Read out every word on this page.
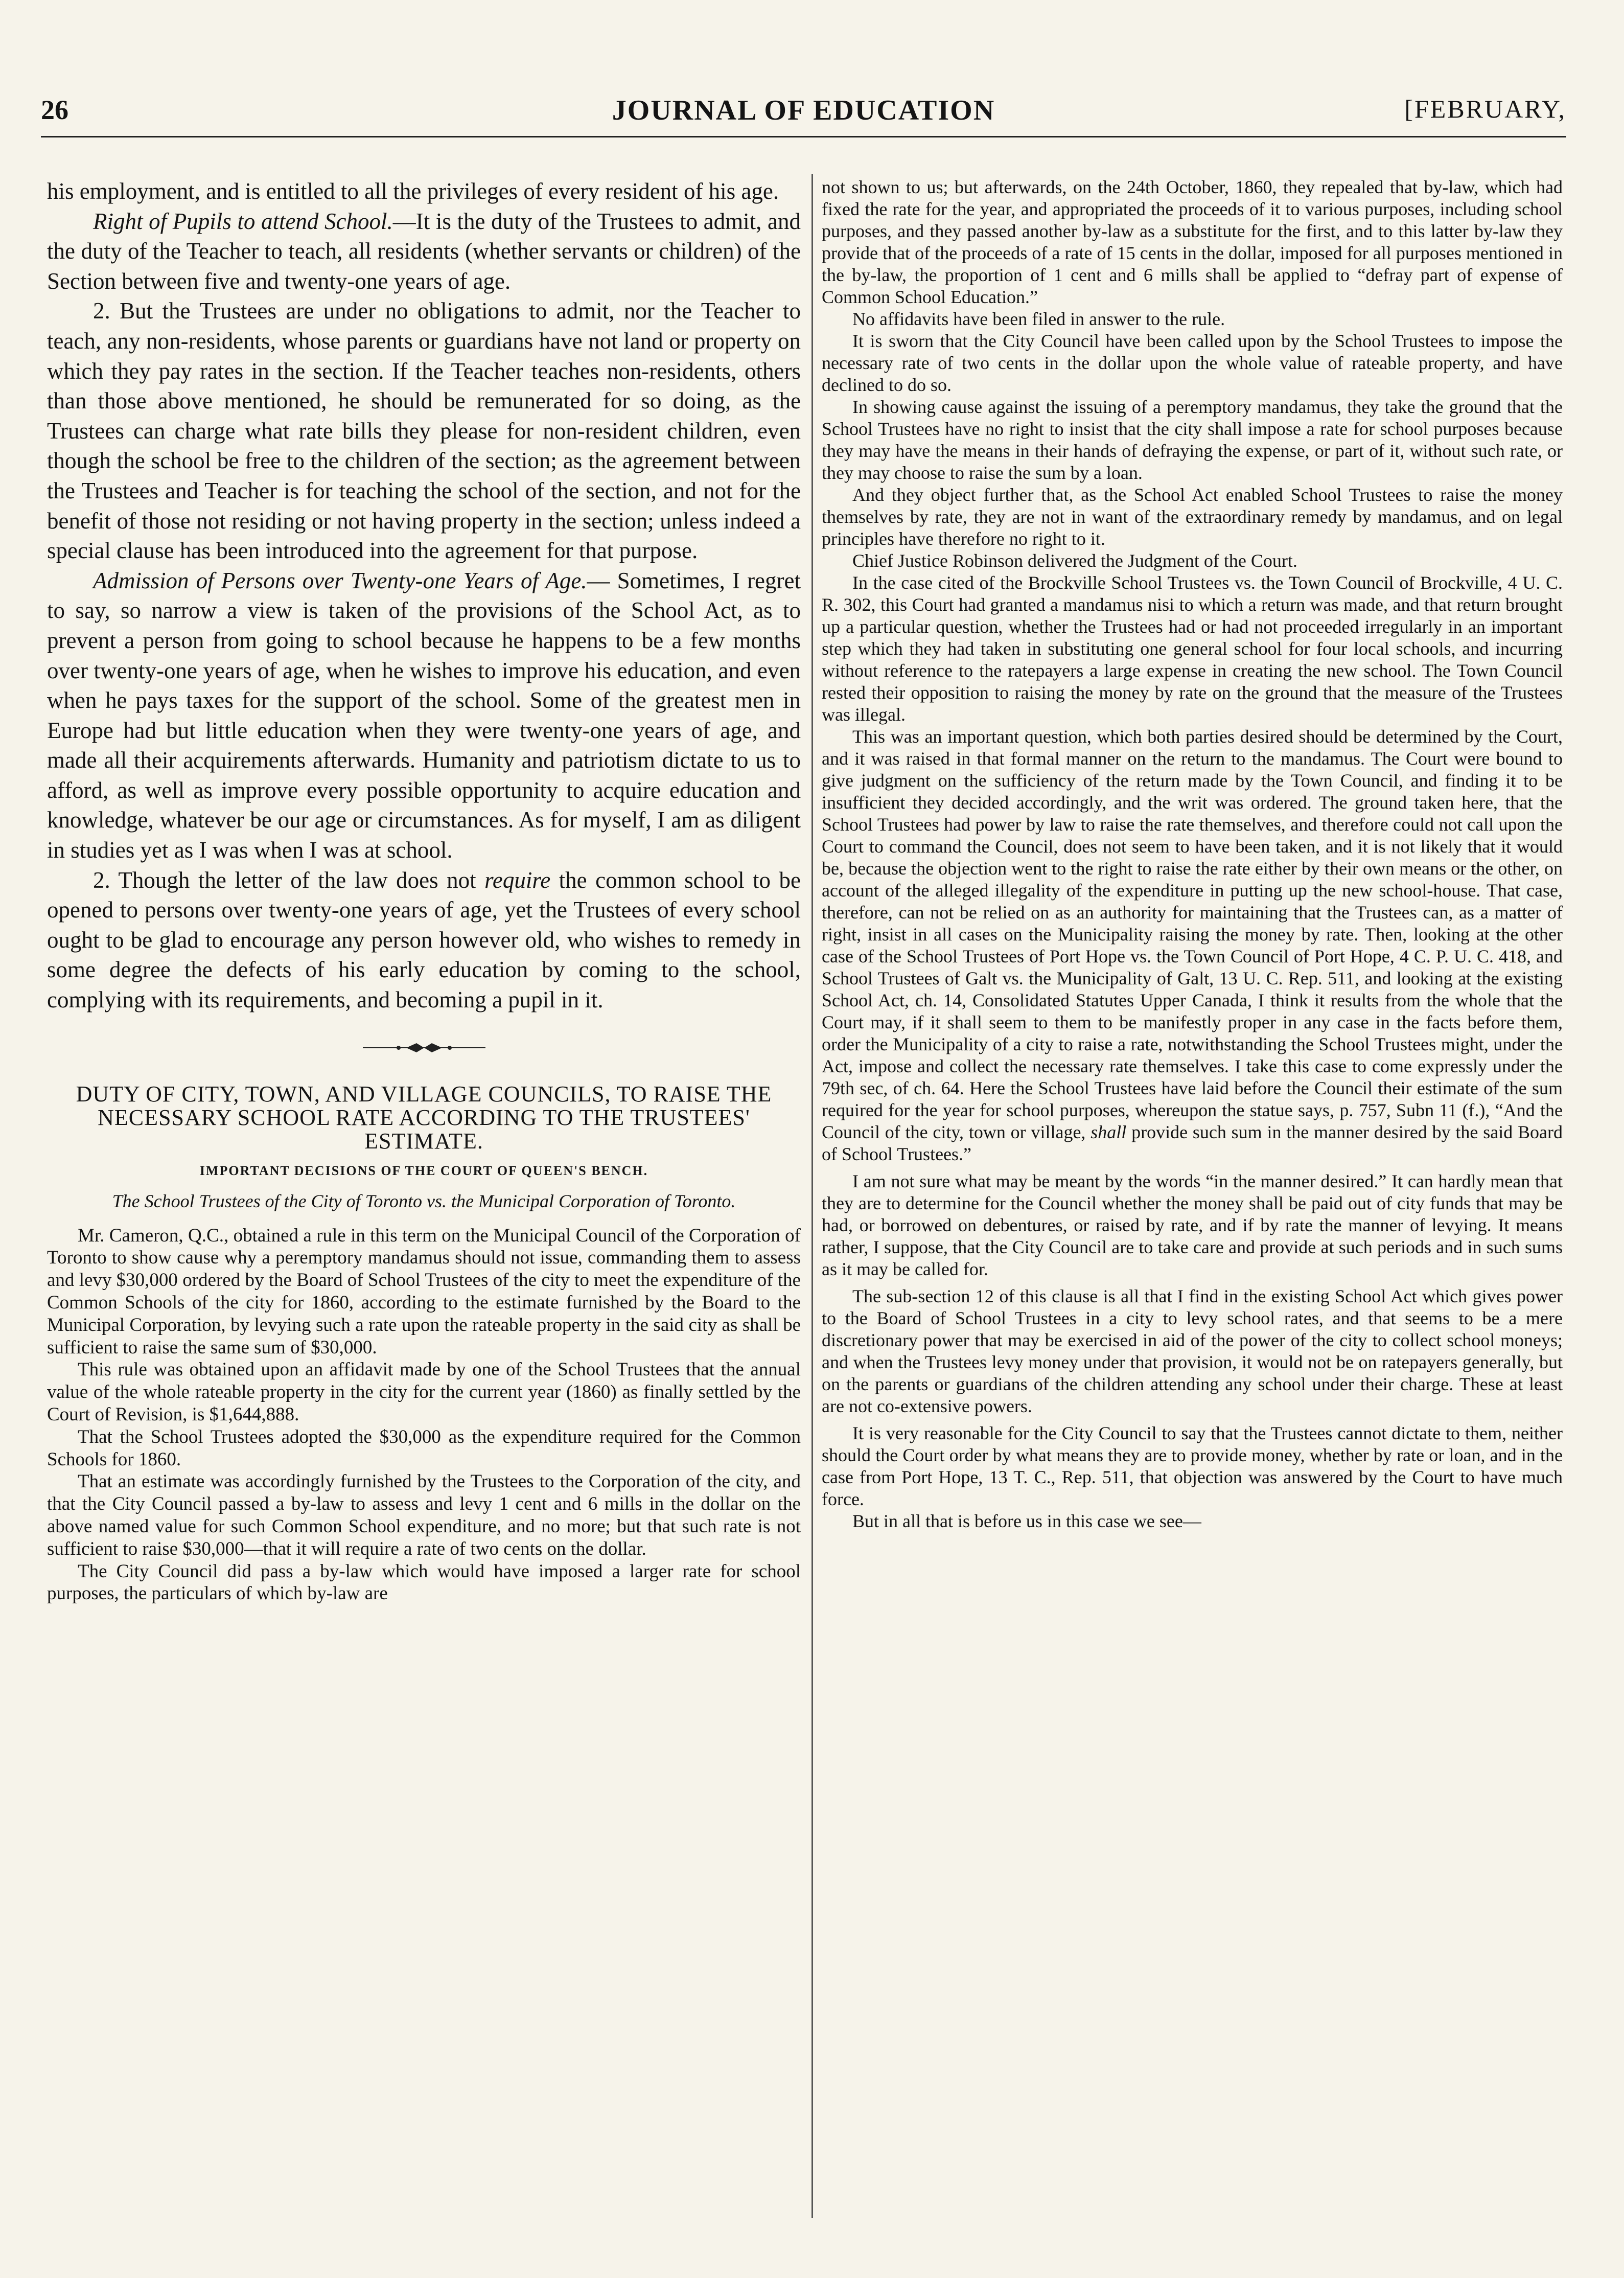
26	JOURNAL OF EDUCATION	[FEBRUARY,

his employment, and is entitled to all the privileges of every resident of his age.

Right of Pupils to attend School.—It is the duty of the Trustees to admit, and the duty of the Teacher to teach, all residents (whether servants or children) of the Section between five and twenty-one years of age.

2. But the Trustees are under no obligations to admit, nor the Teacher to teach, any non-residents, whose parents or guardians have not land or property on which they pay rates in the section. If the Teacher teaches non-residents, others than those above mentioned, he should be remunerated for so doing, as the Trustees can charge what rate bills they please for non-resident children, even though the school be free to the children of the section; as the agreement between the Trustees and Teacher is for teaching the school of the section, and not for the benefit of those not residing or not having property in the section; unless indeed a special clause has been introduced into the agreement for that purpose.

Admission of Persons over Twenty-one Years of Age.— Sometimes, I regret to say, so narrow a view is taken of the provisions of the School Act, as to prevent a person from going to school because he happens to be a few months over twenty-one years of age, when he wishes to improve his education, and even when he pays taxes for the support of the school. Some of the greatest men in Europe had but little education when they were twenty-one years of age, and made all their acquirements afterwards. Humanity and patriotism dictate to us to afford, as well as improve every possible opportunity to acquire education and knowledge, whatever be our age or circumstances. As for myself, I am as diligent in studies yet as I was when I was at school.

2. Though the letter of the law does not require the common school to be opened to persons over twenty-one years of age, yet the Trustees of every school ought to be glad to encourage any person however old, who wishes to remedy in some degree the defects of his early education by coming to the school, complying with its requirements, and becoming a pupil in it.

DUTY OF CITY, TOWN, AND VILLAGE COUNCILS, TO RAISE THE NECESSARY SCHOOL RATE ACCORDING TO THE TRUSTEES' ESTIMATE.
IMPORTANT DECISIONS OF THE COURT OF QUEEN'S BENCH.
The School Trustees of the City of Toronto vs. the Municipal Corporation of Toronto.

Mr. Cameron, Q.C., obtained a rule in this term on the Municipal Council of the Corporation of Toronto to show cause why a peremptory mandamus should not issue, commanding them to assess and levy $30,000 ordered by the Board of School Trustees of the city to meet the expenditure of the Common Schools of the city for 1860, according to the estimate furnished by the Board to the Municipal Corporation, by levying such a rate upon the rateable property in the said city as shall be sufficient to raise the same sum of $30,000.

This rule was obtained upon an affidavit made by one of the School Trustees that the annual value of the whole rateable property in the city for the current year (1860) as finally settled by the Court of Revision, is $1,644,888.

That the School Trustees adopted the $30,000 as the expenditure required for the Common Schools for 1860.

That an estimate was accordingly furnished by the Trustees to the Corporation of the city, and that the City Council passed a by-law to assess and levy 1 cent and 6 mills in the dollar on the above named value for such Common School expenditure, and no more; but that such rate is not sufficient to raise $30,000—that it will require a rate of two cents on the dollar.

The City Council did pass a by-law which would have imposed a larger rate for school purposes, the particulars of which by-law are

not shown to us; but afterwards, on the 24th October, 1860, they repealed that by-law, which had fixed the rate for the year, and appropriated the proceeds of it to various purposes, including school purposes, and they passed another by-law as a substitute for the first, and to this latter by-law they provide that of the proceeds of a rate of 15 cents in the dollar, imposed for all purposes mentioned in the by-law, the proportion of 1 cent and 6 mills shall be applied to “defray part of expense of Common School Education.”

No affidavits have been filed in answer to the rule.

It is sworn that the City Council have been called upon by the School Trustees to impose the necessary rate of two cents in the dollar upon the whole value of rateable property, and have declined to do so.

In showing cause against the issuing of a peremptory mandamus, they take the ground that the School Trustees have no right to insist that the city shall impose a rate for school purposes because they may have the means in their hands of defraying the expense, or part of it, without such rate, or they may choose to raise the sum by a loan.

And they object further that, as the School Act enabled School Trustees to raise the money themselves by rate, they are not in want of the extraordinary remedy by mandamus, and on legal principles have therefore no right to it.

Chief Justice Robinson delivered the Judgment of the Court.

In the case cited of the Brockville School Trustees vs. the Town Council of Brockville, 4 U. C. R. 302, this Court had granted a mandamus nisi to which a return was made, and that return brought up a particular question, whether the Trustees had or had not proceeded irregularly in an important step which they had taken in substituting one general school for four local schools, and incurring without reference to the ratepayers a large expense in creating the new school. The Town Council rested their opposition to raising the money by rate on the ground that the measure of the Trustees was illegal.

This was an important question, which both parties desired should be determined by the Court, and it was raised in that formal manner on the return to the mandamus. The Court were bound to give judgment on the sufficiency of the return made by the Town Council, and finding it to be insufficient they decided accordingly, and the writ was ordered. The ground taken here, that the School Trustees had power by law to raise the rate themselves, and therefore could not call upon the Court to command the Council, does not seem to have been taken, and it is not likely that it would be, because the objection went to the right to raise the rate either by their own means or the other, on account of the alleged illegality of the expenditure in putting up the new school-house. That case, therefore, can not be relied on as an authority for maintaining that the Trustees can, as a matter of right, insist in all cases on the Municipality raising the money by rate. Then, looking at the other case of the School Trustees of Port Hope vs. the Town Council of Port Hope, 4 C. P. U. C. 418, and School Trustees of Galt vs. the Municipality of Galt, 13 U. C. Rep. 511, and looking at the existing School Act, ch. 14, Consolidated Statutes Upper Canada, I think it results from the whole that the Court may, if it shall seem to them to be manifestly proper in any case in the facts before them, order the Municipality of a city to raise a rate, notwithstanding the School Trustees might, under the Act, impose and collect the necessary rate themselves. I take this case to come expressly under the 79th sec, of ch. 64. Here the School Trustees have laid before the Council their estimate of the sum required for the year for school purposes, whereupon the statue says, p. 757, Subn 11 (f.), “And the Council of the city, town or village, shall provide such sum in the manner desired by the said Board of School Trustees.”

I am not sure what may be meant by the words “in the manner desired.” It can hardly mean that they are to determine for the Council whether the money shall be paid out of city funds that may be had, or borrowed on debentures, or raised by rate, and if by rate the manner of levying. It means rather, I suppose, that the City Council are to take care and provide at such periods and in such sums as it may be called for.

The sub-section 12 of this clause is all that I find in the existing School Act which gives power to the Board of School Trustees in a city to levy school rates, and that seems to be a mere discretionary power that may be exercised in aid of the power of the city to collect school moneys; and when the Trustees levy money under that provision, it would not be on ratepayers generally, but on the parents or guardians of the children attending any school under their charge. These at least are not co-extensive powers.

It is very reasonable for the City Council to say that the Trustees cannot dictate to them, neither should the Court order by what means they are to provide money, whether by rate or loan, and in the case from Port Hope, 13 T. C., Rep. 511, that objection was answered by the Court to have much force.

But in all that is before us in this case we see—
